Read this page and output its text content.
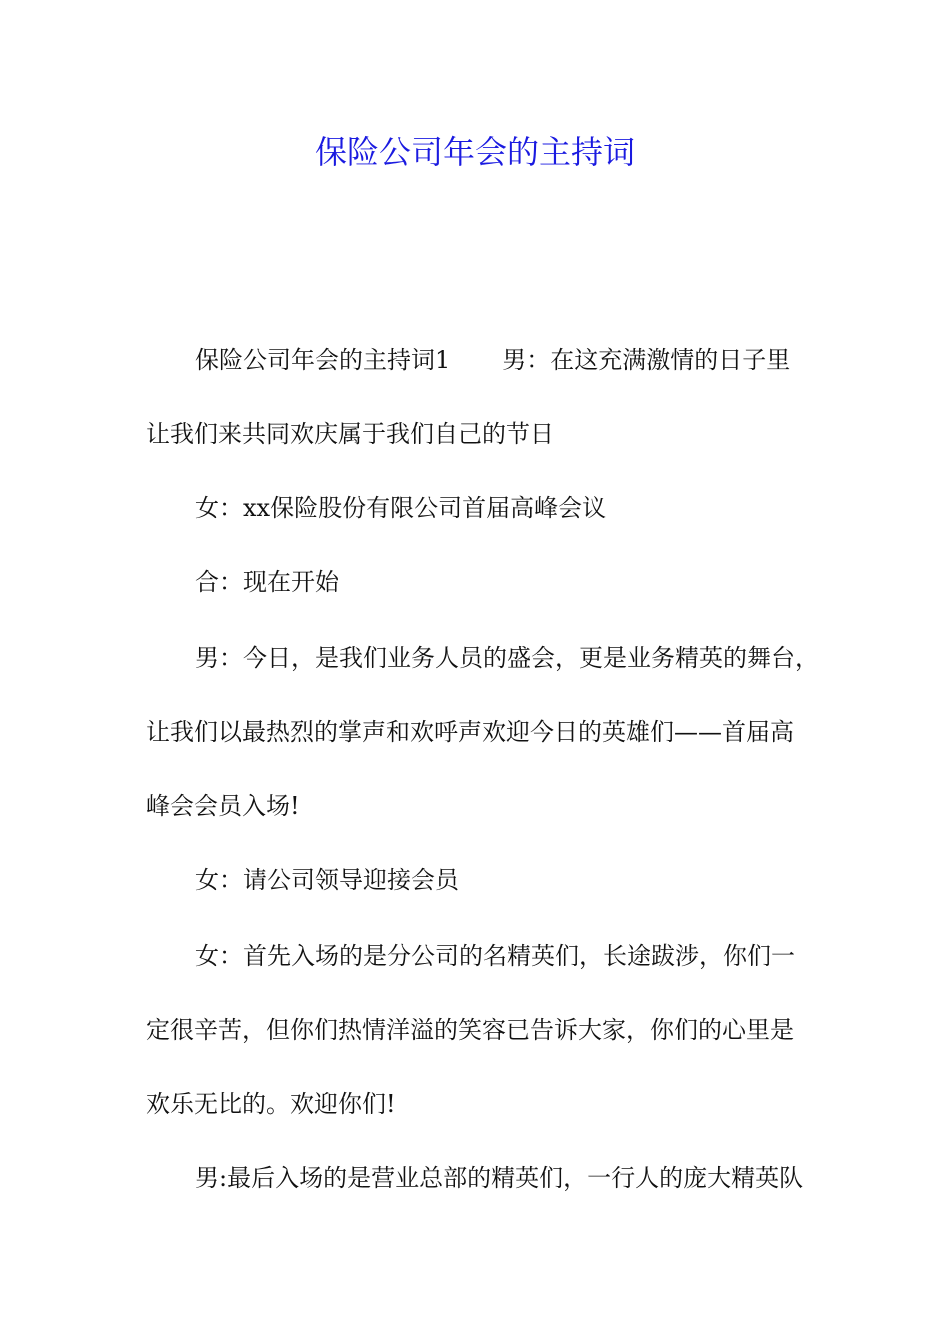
保险公司年会的主持词
保险公司年会的主持词1 男：在这充满激情的日子里
让我们来共同欢庆属于我们自己的节日
女：xx保险股份有限公司首届高峰会议
合：现在开始
男：今日，是我们业务人员的盛会，更是业务精英的舞台，
让我们以最热烈的掌声和欢呼声欢迎今日的英雄们——首届高
峰会会员入场!
女：请公司领导迎接会员
女：首先入场的是分公司的名精英们，长途跋涉，你们一
定很辛苦，但你们热情洋溢的笑容已告诉大家，你们的心里是
欢乐无比的。欢迎你们!
男:最后入场的是营业总部的精英们，一行人的庞大精英队
